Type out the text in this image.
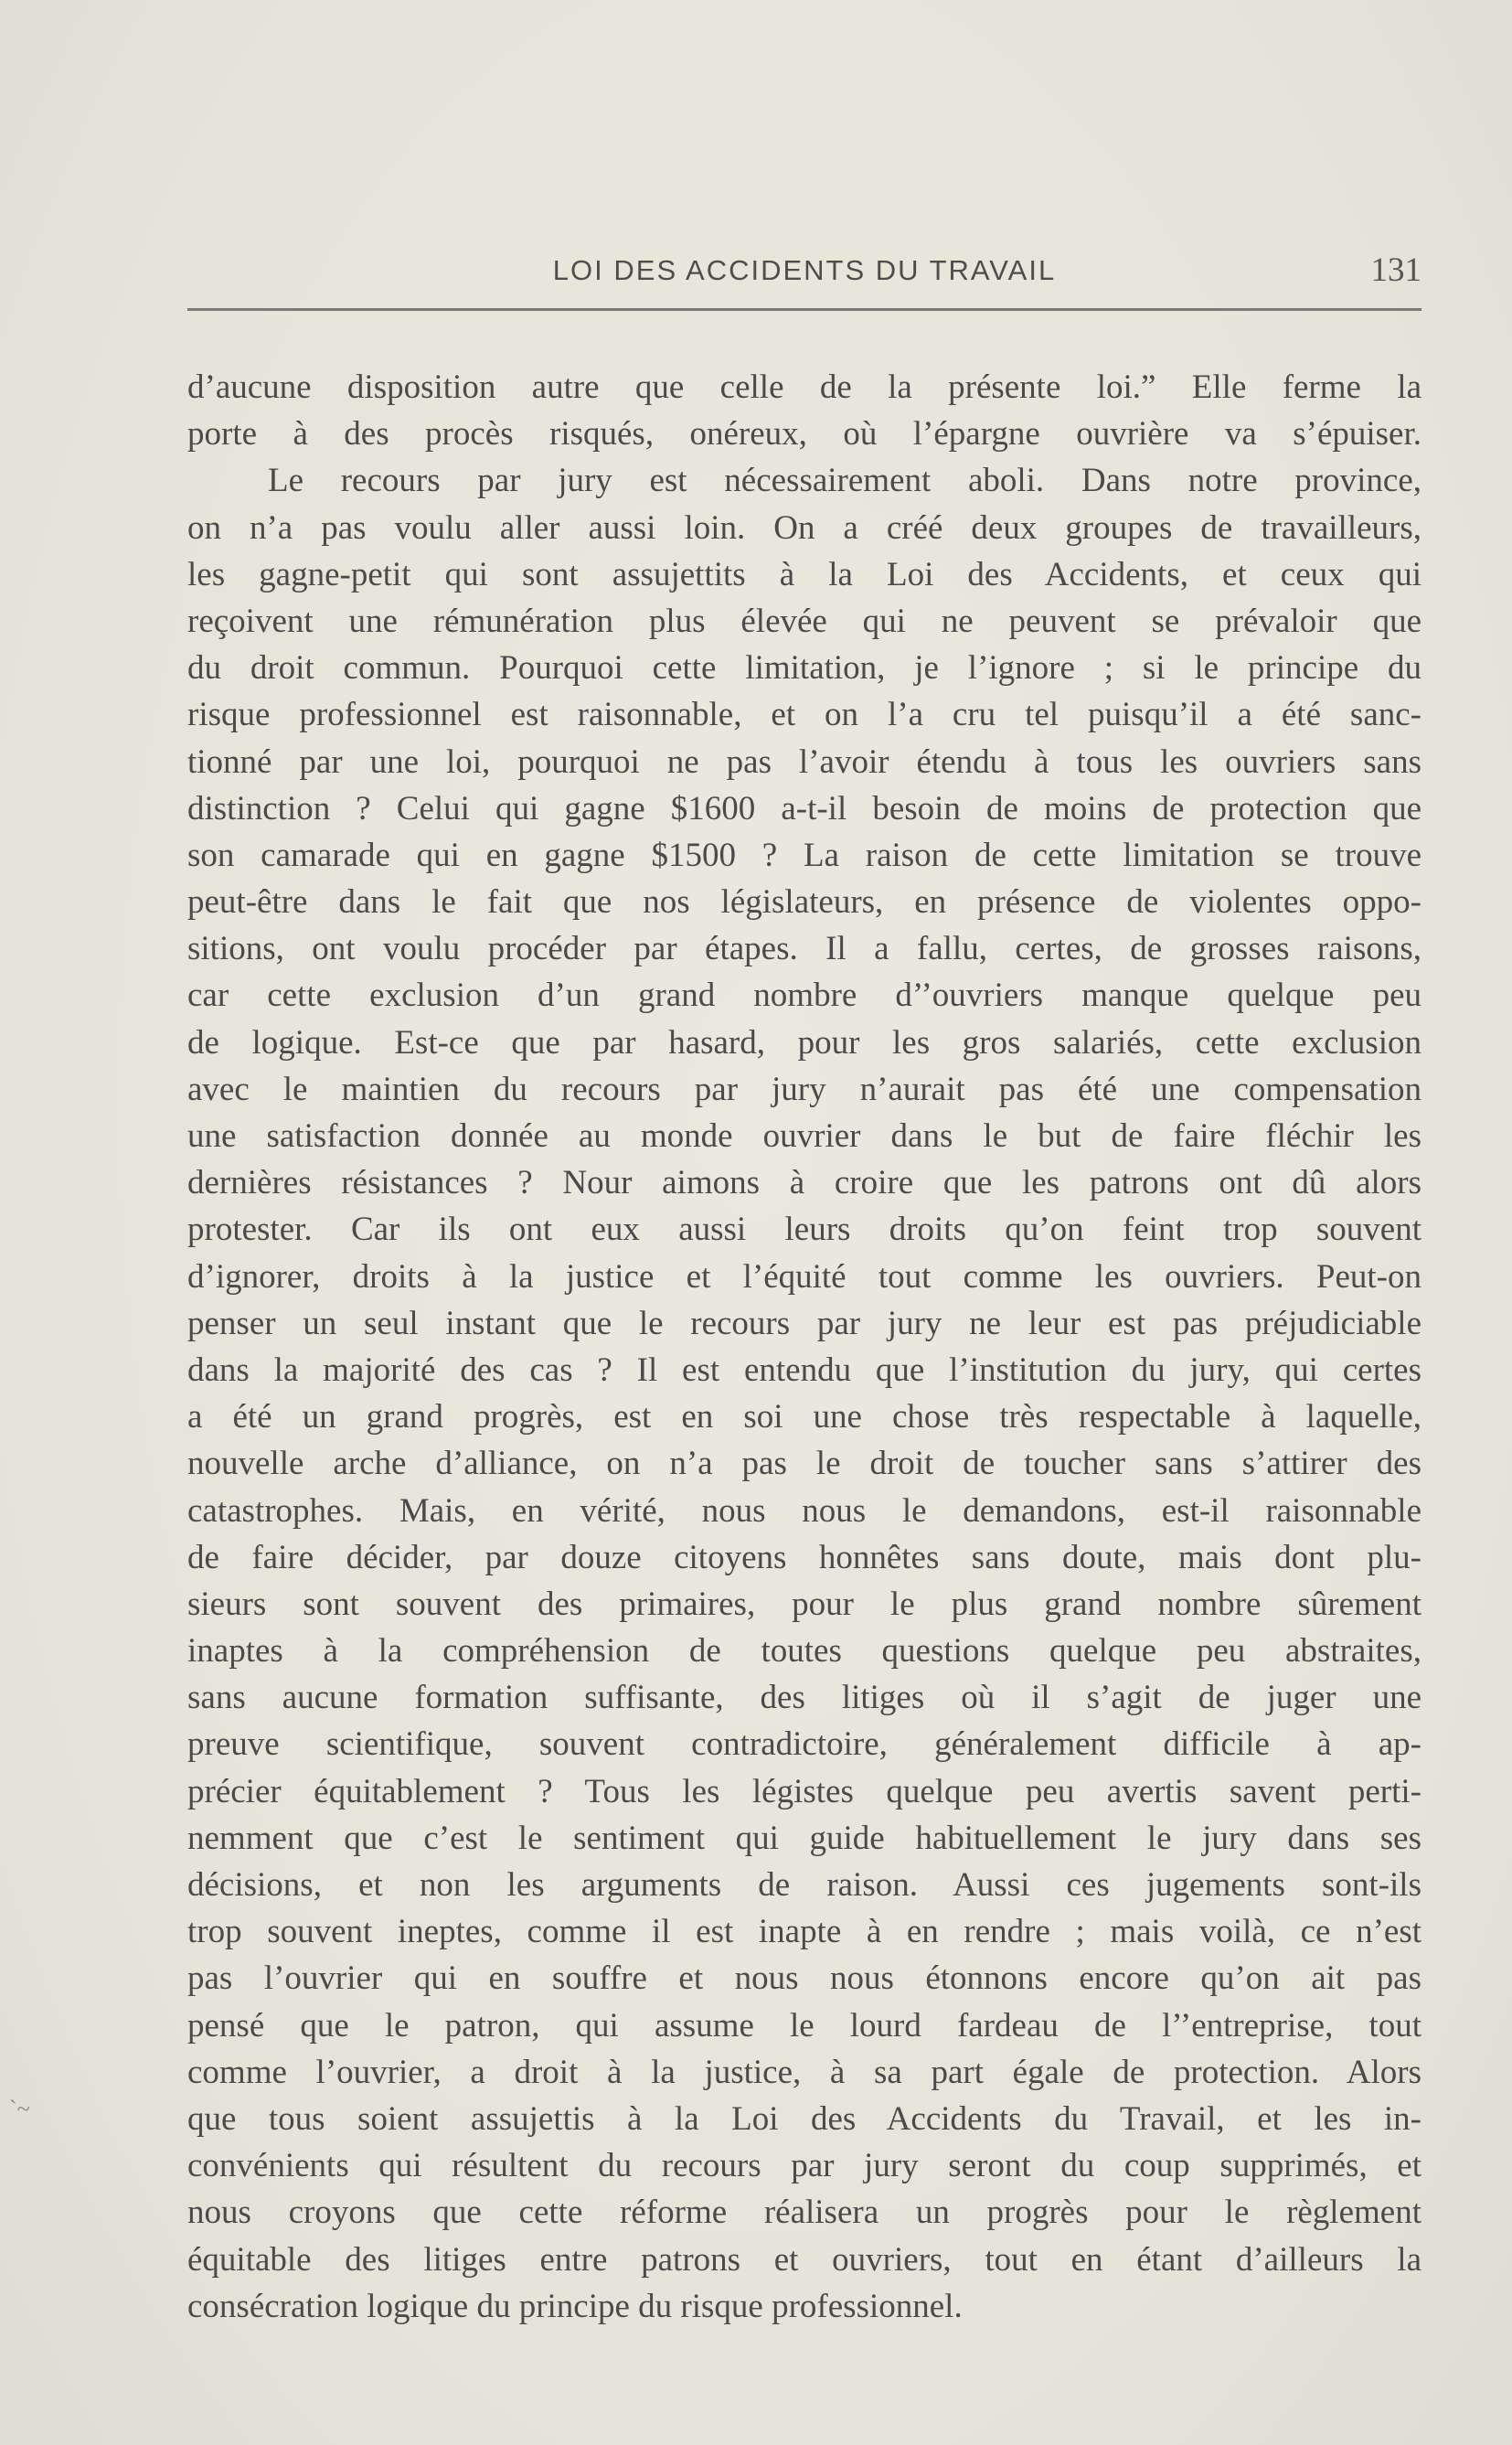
LOI DES ACCIDENTS DU TRAVAIL	131
d’aucune disposition autre que celle de la présente loi.” Elle ferme la
porte à des procès risqués, onéreux, où l’épargne ouvrière va s’épuiser.
Le recours par jury est nécessairement aboli. Dans notre province,
on n’a pas voulu aller aussi loin. On a créé deux groupes de travailleurs,
les gagne-petit qui sont assujettits à la Loi des Accidents, et ceux qui
reçoivent une rémunération plus élevée qui ne peuvent se prévaloir que
du droit commun. Pourquoi cette limitation, je l’ignore ; si le principe du
risque professionnel est raisonnable, et on l’a cru tel puisqu’il a été sanc-
tionné par une loi, pourquoi ne pas l’avoir étendu à tous les ouvriers sans
distinction ? Celui qui gagne $1600 a-t-il besoin de moins de protection que
son camarade qui en gagne $1500 ? La raison de cette limitation se trouve
peut-être dans le fait que nos législateurs, en présence de violentes oppo-
sitions, ont voulu procéder par étapes. Il a fallu, certes, de grosses raisons,
car cette exclusion d’un grand nombre d’’ouvriers manque quelque peu
de logique. Est-ce que par hasard, pour les gros salariés, cette exclusion
avec le maintien du recours par jury n’aurait pas été une compensation
une satisfaction donnée au monde ouvrier dans le but de faire fléchir les
dernières résistances ? Nour aimons à croire que les patrons ont dû alors
protester. Car ils ont eux aussi leurs droits qu’on feint trop souvent
d’ignorer, droits à la justice et l’équité tout comme les ouvriers. Peut-on
penser un seul instant que le recours par jury ne leur est pas préjudiciable
dans la majorité des cas ? Il est entendu que l’institution du jury, qui certes
a été un grand progrès, est en soi une chose très respectable à laquelle,
nouvelle arche d’alliance, on n’a pas le droit de toucher sans s’attirer des
catastrophes. Mais, en vérité, nous nous le demandons, est-il raisonnable
de faire décider, par douze citoyens honnêtes sans doute, mais dont plu-
sieurs sont souvent des primaires, pour le plus grand nombre sûrement
inaptes à la compréhension de toutes questions quelque peu abstraites,
sans aucune formation suffisante, des litiges où il s’agit de juger une
preuve scientifique, souvent contradictoire, généralement difficile à ap-
précier équitablement ? Tous les légistes quelque peu avertis savent perti-
nemment que c’est le sentiment qui guide habituellement le jury dans ses
décisions, et non les arguments de raison. Aussi ces jugements sont-ils
trop souvent ineptes, comme il est inapte à en rendre ; mais voilà, ce n’est
pas l’ouvrier qui en souffre et nous nous étonnons encore qu’on ait pas
pensé que le patron, qui assume le lourd fardeau de l’’entreprise, tout
comme l’ouvrier, a droit à la justice, à sa part égale de protection. Alors
que tous soient assujettis à la Loi des Accidents du Travail, et les in-
convénients qui résultent du recours par jury seront du coup supprimés, et
nous croyons que cette réforme réalisera un progrès pour le règlement
équitable des litiges entre patrons et ouvriers, tout en étant d’ailleurs la
consécration logique du principe du risque professionnel.
`~
